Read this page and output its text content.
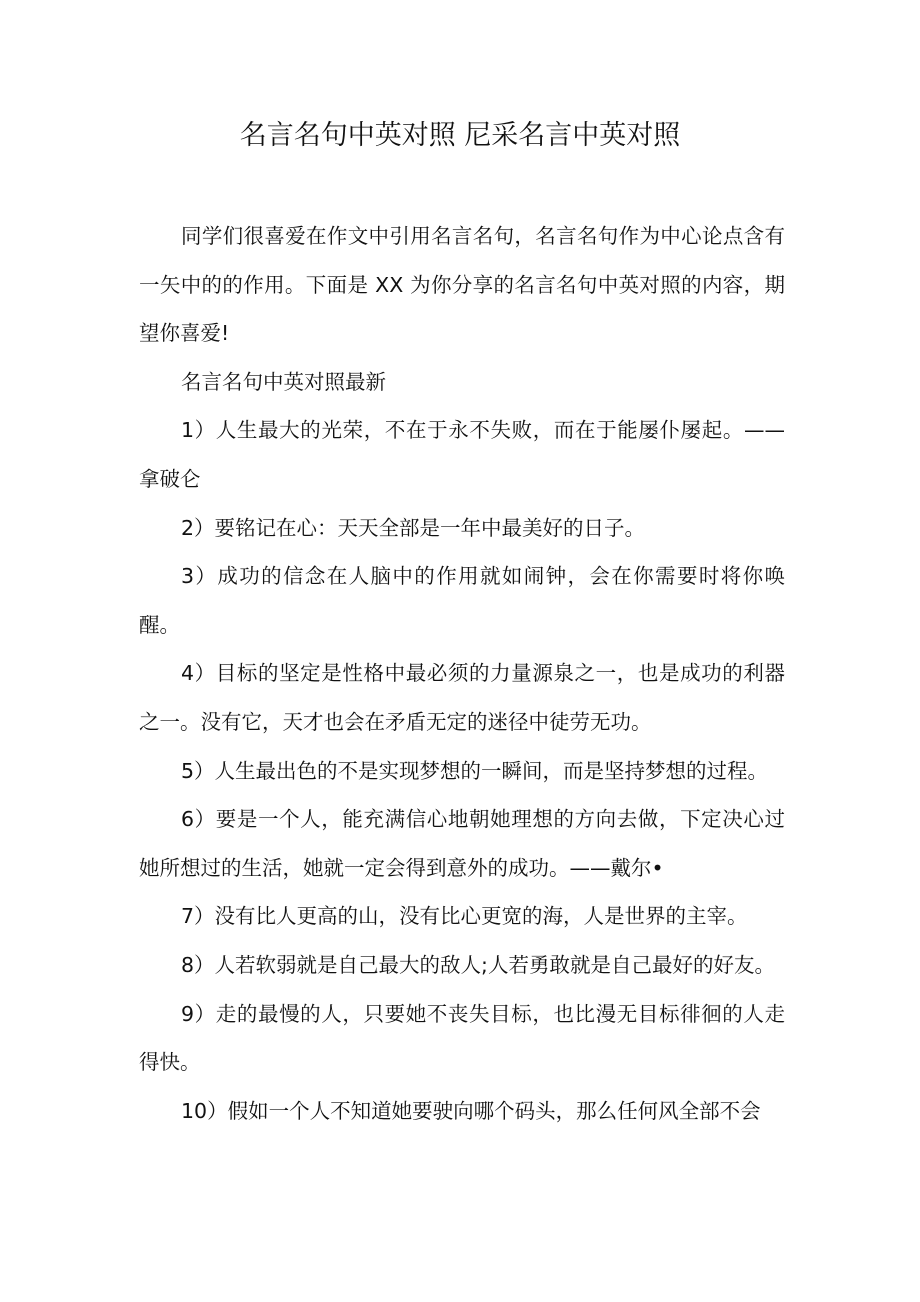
名言名句中英对照 尼采名言中英对照

同学们很喜爱在作文中引用名言名句，名言名句作为中心论点含有一矢中的的作用。下面是 XX 为你分享的名言名句中英对照的内容，期望你喜爱!

名言名句中英对照最新

1）人生最大的光荣，不在于永不失败，而在于能屡仆屡起。——拿破仑

2）要铭记在心：天天全部是一年中最美好的日子。

3）成功的信念在人脑中的作用就如闹钟，会在你需要时将你唤醒。

4）目标的坚定是性格中最必须的力量源泉之一，也是成功的利器之一。没有它，天才也会在矛盾无定的迷径中徒劳无功。

5）人生最出色的不是实现梦想的一瞬间，而是坚持梦想的过程。

6）要是一个人，能充满信心地朝她理想的方向去做，下定决心过她所想过的生活，她就一定会得到意外的成功。——戴尔•

7）没有比人更高的山，没有比心更宽的海，人是世界的主宰。

8）人若软弱就是自己最大的敌人;人若勇敢就是自己最好的好友。

9）走的最慢的人，只要她不丧失目标，也比漫无目标徘徊的人走得快。

10）假如一个人不知道她要驶向哪个码头，那么任何风全部不会
